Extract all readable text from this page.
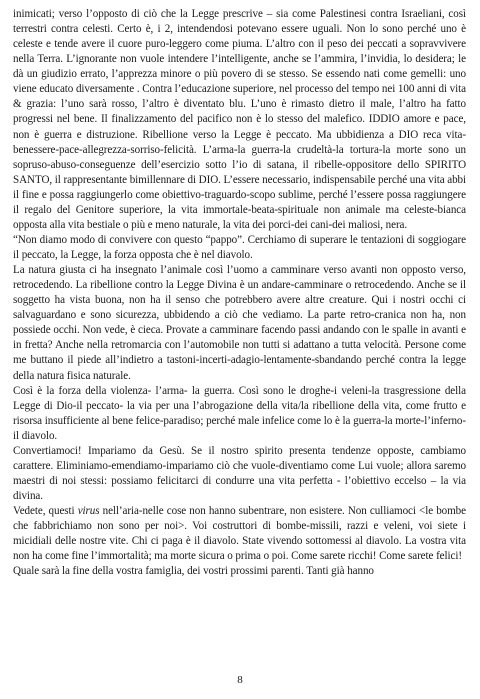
inimicati; verso l’opposto di ciò che la Legge prescrive – sia come Palestinesi contra Israeliani, così terrestri contra celesti. Certo è, i 2, intendendosi potevano essere uguali. Non lo sono perché uno è celeste e tende avere il cuore puro-leggero come piuma. L’altro con il peso dei peccati a sopravvivere nella Terra. L’ignorante non vuole intendere l’intelligente, anche se l’ammira, l’invidia, lo desidera; le dà un giudizio errato, l’apprezza minore o più povero di se stesso. Se essendo nati come gemelli: uno viene educato diversamente . Contra l’educazione superiore, nel processo del tempo nei 100 anni di vita & grazia: l’uno sarà rosso, l’altro è diventato blu. L’uno è rimasto dietro il male, l’altro ha fatto progressi nel bene. Il finalizzamento del pacifico non è lo stesso del malefico. IDDIO amore e pace, non è guerra e distruzione. Ribellione verso la Legge è peccato. Ma ubbidienza a DIO reca vita-benessere-pace-allegrezza-sorriso-felicità. L’arma-la guerra-la crudeltà-la tortura-la morte sono un sopruso-abuso-conseguenze dell’esercizio sotto l’io di satana, il ribelle-oppositore dello SPIRITO SANTO, il rappresentante bimillennare di DIO. L’essere necessario, indispensabile perché una vita abbi il fine e possa raggiungerlo come obiettivo-traguardo-scopo sublime, perché l’essere possa raggiungere il regalo del Genitore superiore, la vita immortale-beata-spirituale non animale ma celeste-bianca opposta alla vita bestiale o più e meno naturale, la vita dei porci-dei cani-dei maliosi, nera.

“Non diamo modo di convivere con questo “pappo”. Cerchiamo di superare le tentazioni di soggiogare il peccato, la Legge, la forza opposta che è nel diavolo.

La natura giusta ci ha insegnato l’animale così l’uomo a camminare verso avanti non opposto verso, retrocedendo. La ribellione contro la Legge Divina è un andare-camminare o retrocedendo. Anche se il soggetto ha vista buona, non ha il senso che potrebbero avere altre creature. Qui i nostri occhi ci salvaguardano e sono sicurezza, ubbidendo a ciò che vediamo. La parte retro-cranica non ha, non possiede occhi. Non vede, è cieca. Provate a camminare facendo passi andando con le spalle in avanti e in fretta? Anche nella retromarcia con l’automobile non tutti si adattano a tutta velocità. Persone come me buttano il piede all’indietro a tastoni-incerti-adagio-lentamente-sbandando perché contra la legge della natura fisica naturale.

Così è la forza della violenza- l’arma- la guerra. Così sono le droghe-i veleni-la trasgressione della Legge di Dio-il peccato- la via per una l’abrogazione della vita/la ribellione della vita, come frutto e risorsa insufficiente al bene felice-paradiso; perché male infelice come lo è la guerra-la morte-l’inferno-il diavolo.

Convertiamoci! Impariamo da Gesù. Se il nostro spirito presenta tendenze opposte, cambiamo carattere. Eliminiamo-emendiamo-impariamo ciò che vuole-diventiamo come Lui vuole; allora saremo maestri di noi stessi: possiamo felicitarci di condurre una vita perfetta - l’obiettivo eccelso – la via divina.

Vedete, questi virus nell’aria-nelle cose non hanno subentrare, non esistere. Non culliamoci <le bombe che fabbrichiamo non sono per noi>. Voi costruttori di bombe-missili, razzi e veleni, voi siete i micidiali delle nostre vite. Chi ci paga è il diavolo. State vivendo sottomessi al diavolo. La vostra vita non ha come fine l’immortalità; ma morte sicura o prima o poi. Come sarete ricchi! Come sarete felici!

Quale sarà la fine della vostra famiglia, dei vostri prossimi parenti. Tanti già hanno

8
